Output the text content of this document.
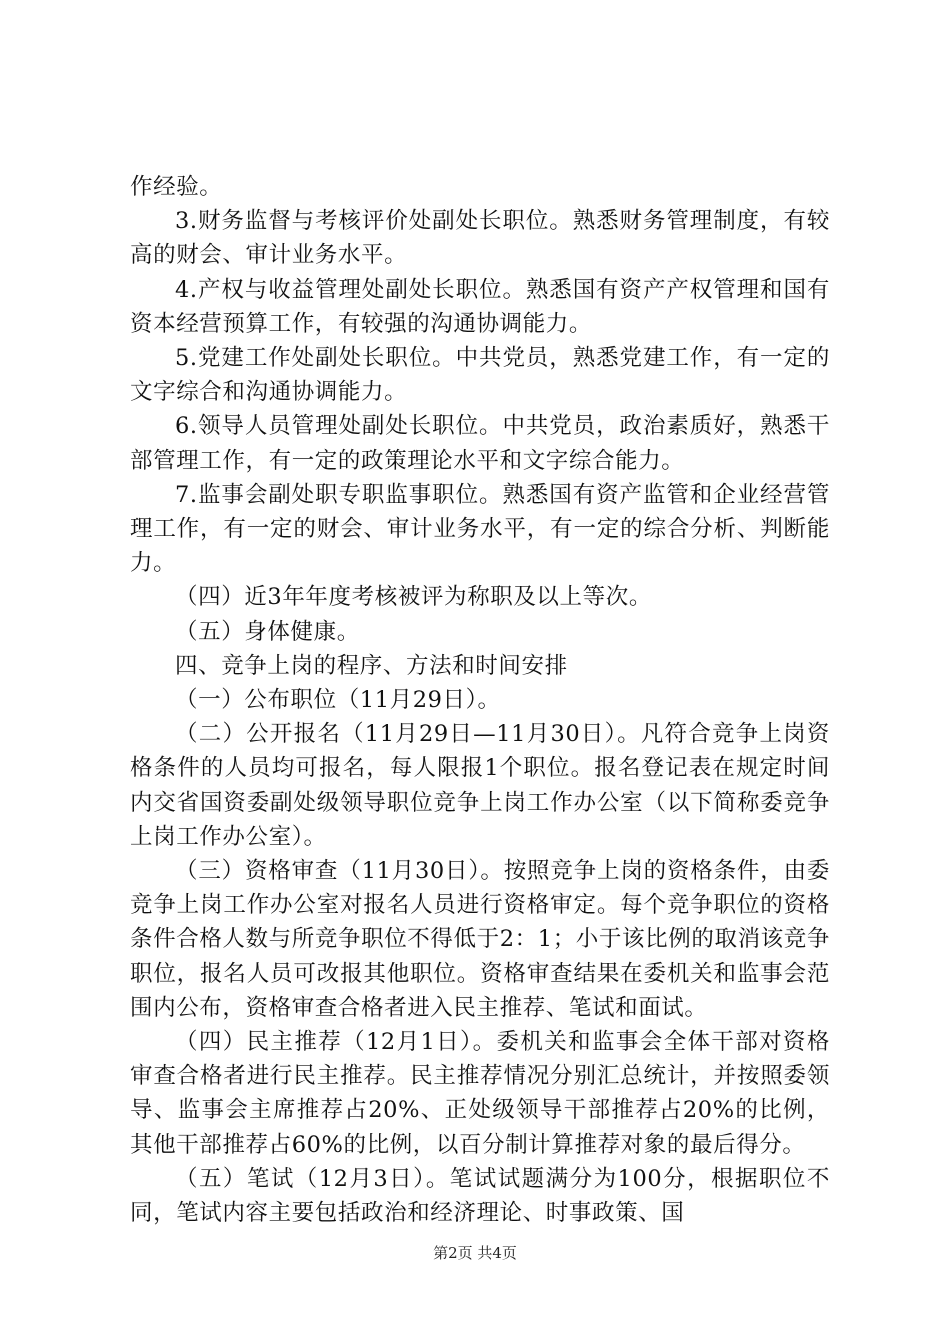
作经验。

3.财务监督与考核评价处副处长职位。熟悉财务管理制度，有较高的财会、审计业务水平。

4.产权与收益管理处副处长职位。熟悉国有资产产权管理和国有资本经营预算工作，有较强的沟通协调能力。

5.党建工作处副处长职位。中共党员，熟悉党建工作，有一定的文字综合和沟通协调能力。

6.领导人员管理处副处长职位。中共党员，政治素质好，熟悉干部管理工作，有一定的政策理论水平和文字综合能力。

7.监事会副处职专职监事职位。熟悉国有资产监管和企业经营管理工作，有一定的财会、审计业务水平，有一定的综合分析、判断能力。

（四）近3年年度考核被评为称职及以上等次。

（五）身体健康。

四、竞争上岗的程序、方法和时间安排

（一）公布职位（11月29日）。

（二）公开报名（11月29日—11月30日）。凡符合竞争上岗资格条件的人员均可报名，每人限报1个职位。报名登记表在规定时间内交省国资委副处级领导职位竞争上岗工作办公室（以下简称委竞争上岗工作办公室）。

（三）资格审查（11月30日）。按照竞争上岗的资格条件，由委竞争上岗工作办公室对报名人员进行资格审定。每个竞争职位的资格条件合格人数与所竞争职位不得低于2：1；小于该比例的取消该竞争职位，报名人员可改报其他职位。资格审查结果在委机关和监事会范围内公布，资格审查合格者进入民主推荐、笔试和面试。

（四）民主推荐（12月1日）。委机关和监事会全体干部对资格审查合格者进行民主推荐。民主推荐情况分别汇总统计，并按照委领导、监事会主席推荐占20%、正处级领导干部推荐占20%的比例，其他干部推荐占60%的比例，以百分制计算推荐对象的最后得分。

（五）笔试（12月3日）。笔试试题满分为100分，根据职位不同，笔试内容主要包括政治和经济理论、时事政策、国

第2页 共4页
